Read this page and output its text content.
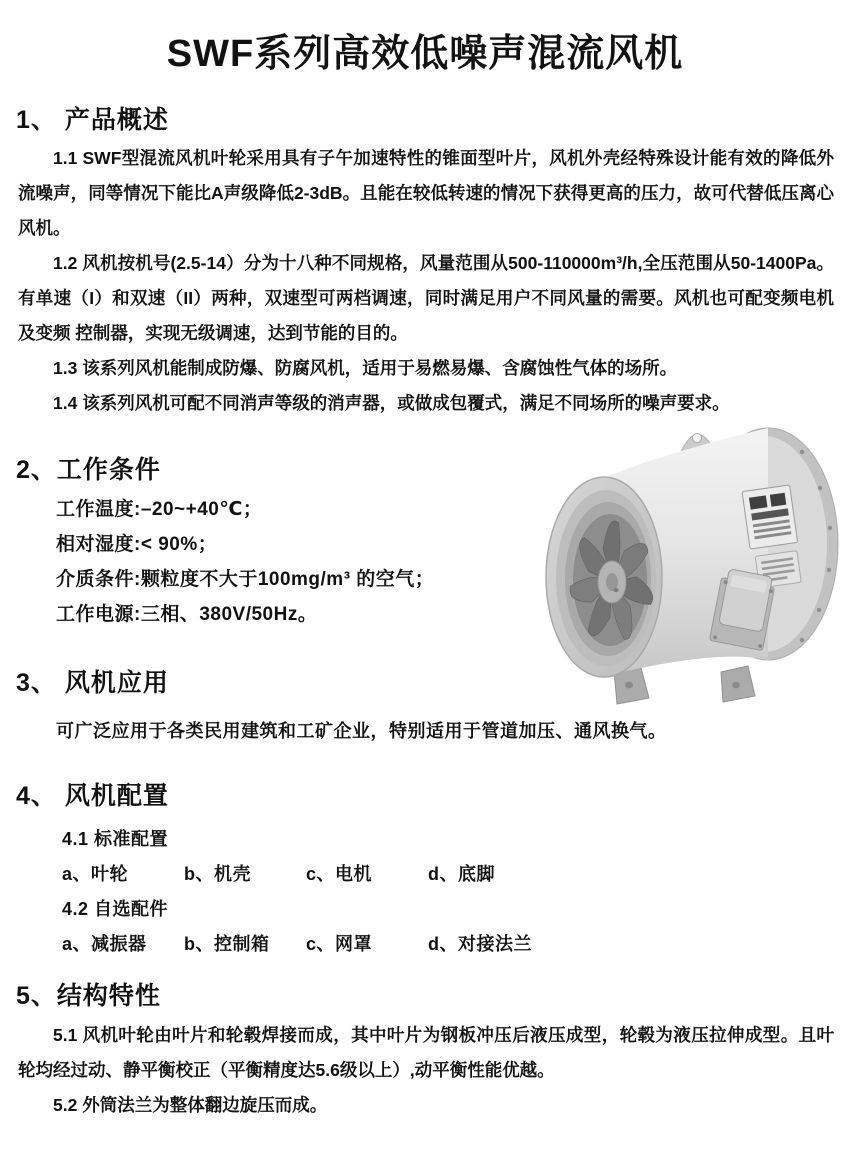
SWF系列高效低噪声混流风机
1、 产品概述

1.1 SWF型混流风机叶轮采用具有子午加速特性的锥面型叶片，风机外壳经特殊设计能有效的降低外流噪声，同等情况下能比A声级降低2-3dB。且能在较低转速的情况下获得更高的压力，故可代替低压离心风机。

1.2 风机按机号(2.5-14）分为十八种不同规格，风量范围从500-110000m³/h,全压范围从50-1400Pa。有单速（I）和双速（II）两种，双速型可两档调速，同时满足用户不同风量的需要。风机也可配变频电机及变频 控制器，实现无级调速，达到节能的目的。

1.3 该系列风机能制成防爆、防腐风机，适用于易燃易爆、含腐蚀性气体的场所。

1.4 该系列风机可配不同消声等级的消声器，或做成包覆式，满足不同场所的噪声要求。

2、工作条件
工作温度:–20~+40℃；
相对湿度:< 90%；
介质条件:颗粒度不大于100mg/m³ 的空气；
工作电源:三相、380V/50Hz。
3、 风机应用

可广泛应用于各类民用建筑和工矿企业，特别适用于管道加压、通风换气。

4、 风机配置

4.1 标准配置

a、叶轮	b、机壳	c、电机	d、底脚

4.2 自选配件

a、减振器	b、控制箱	c、网罩	d、对接法兰

5、结构特性

5.1 风机叶轮由叶片和轮毂焊接而成，其中叶片为钢板冲压后液压成型，轮毂为液压拉伸成型。且叶轮均经过动、静平衡校正（平衡精度达5.6级以上）,动平衡性能优越。

5.2 外筒法兰为整体翻边旋压而成。
